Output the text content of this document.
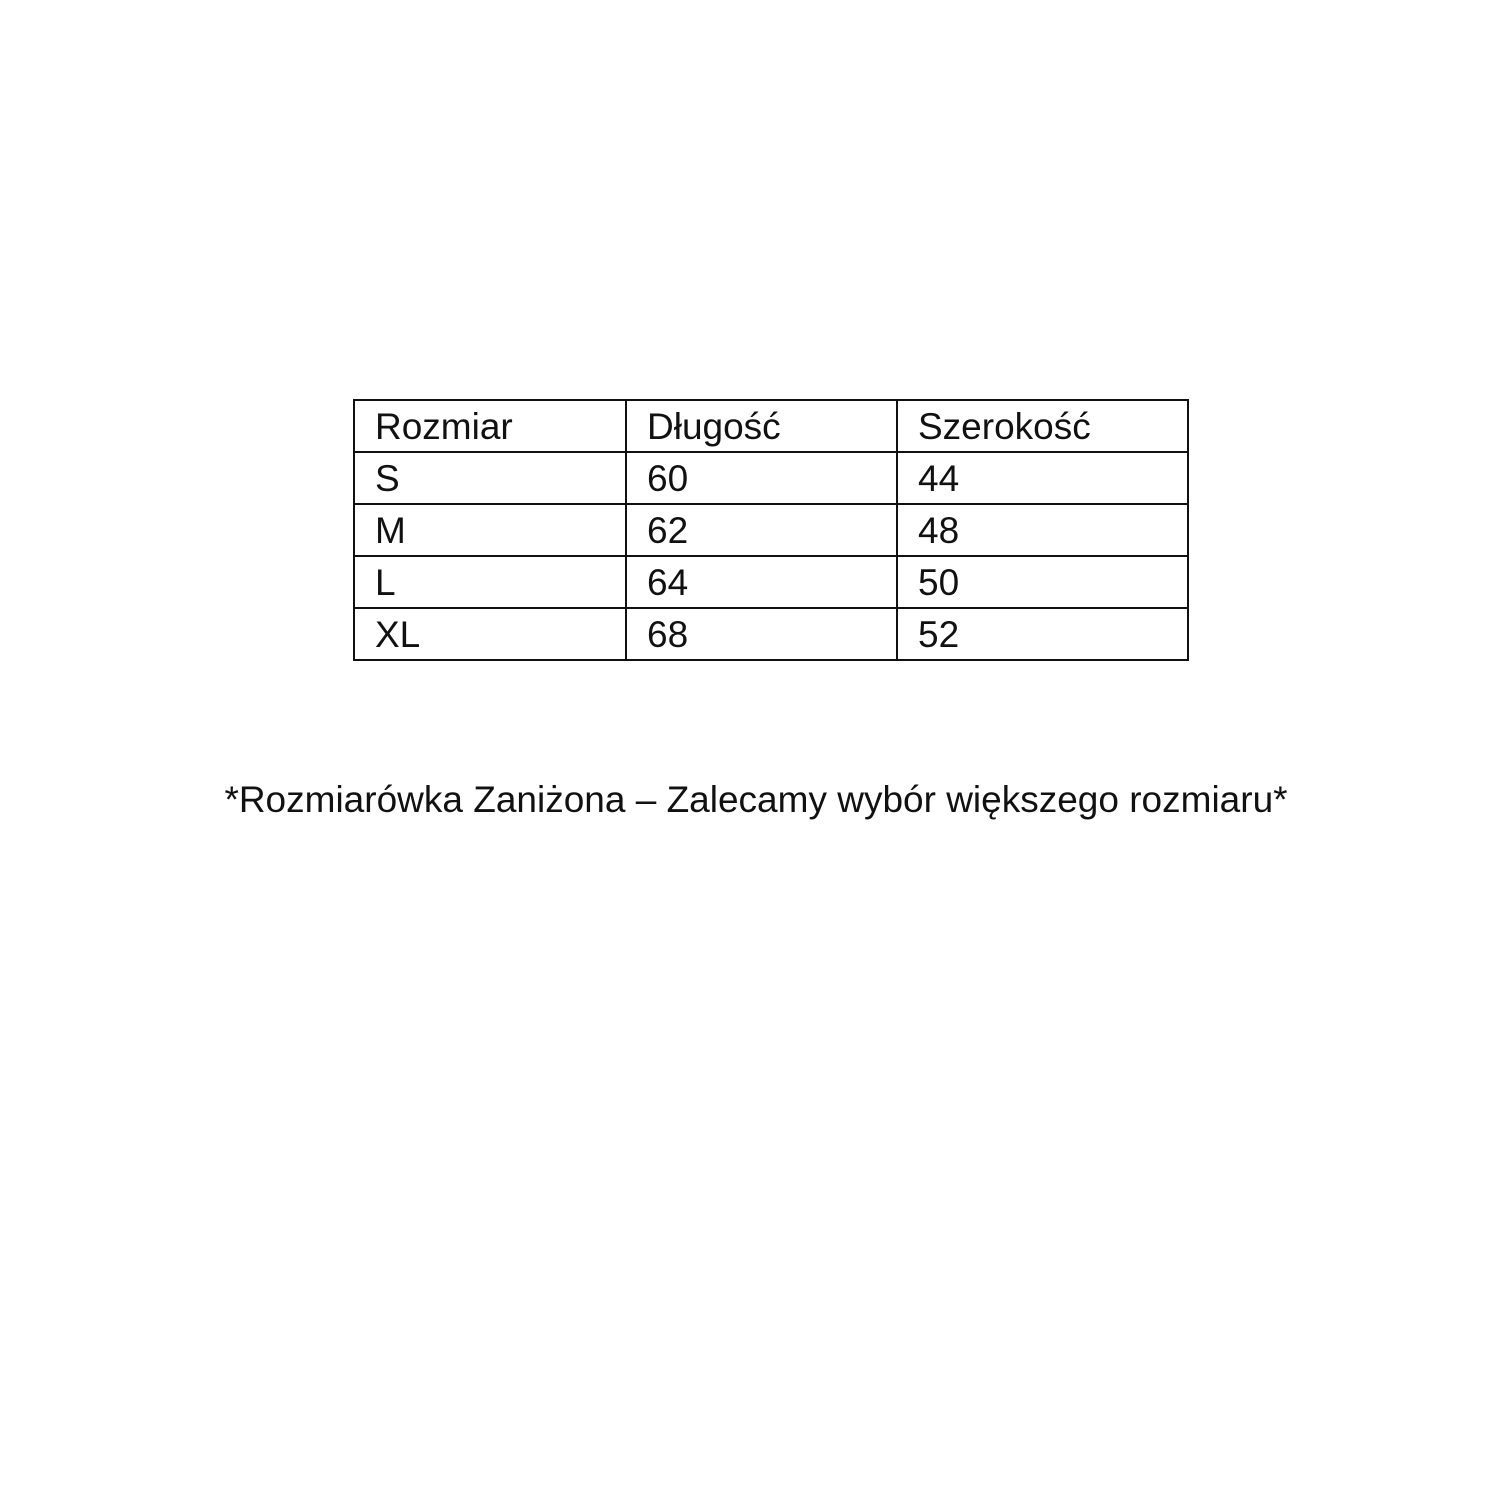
Rozmiar	Długość	Szerokość
S	60	44
M	62	48
L	64	50
XL	68	52
*Rozmiarówka Zaniżona – Zalecamy wybór większego rozmiaru*
